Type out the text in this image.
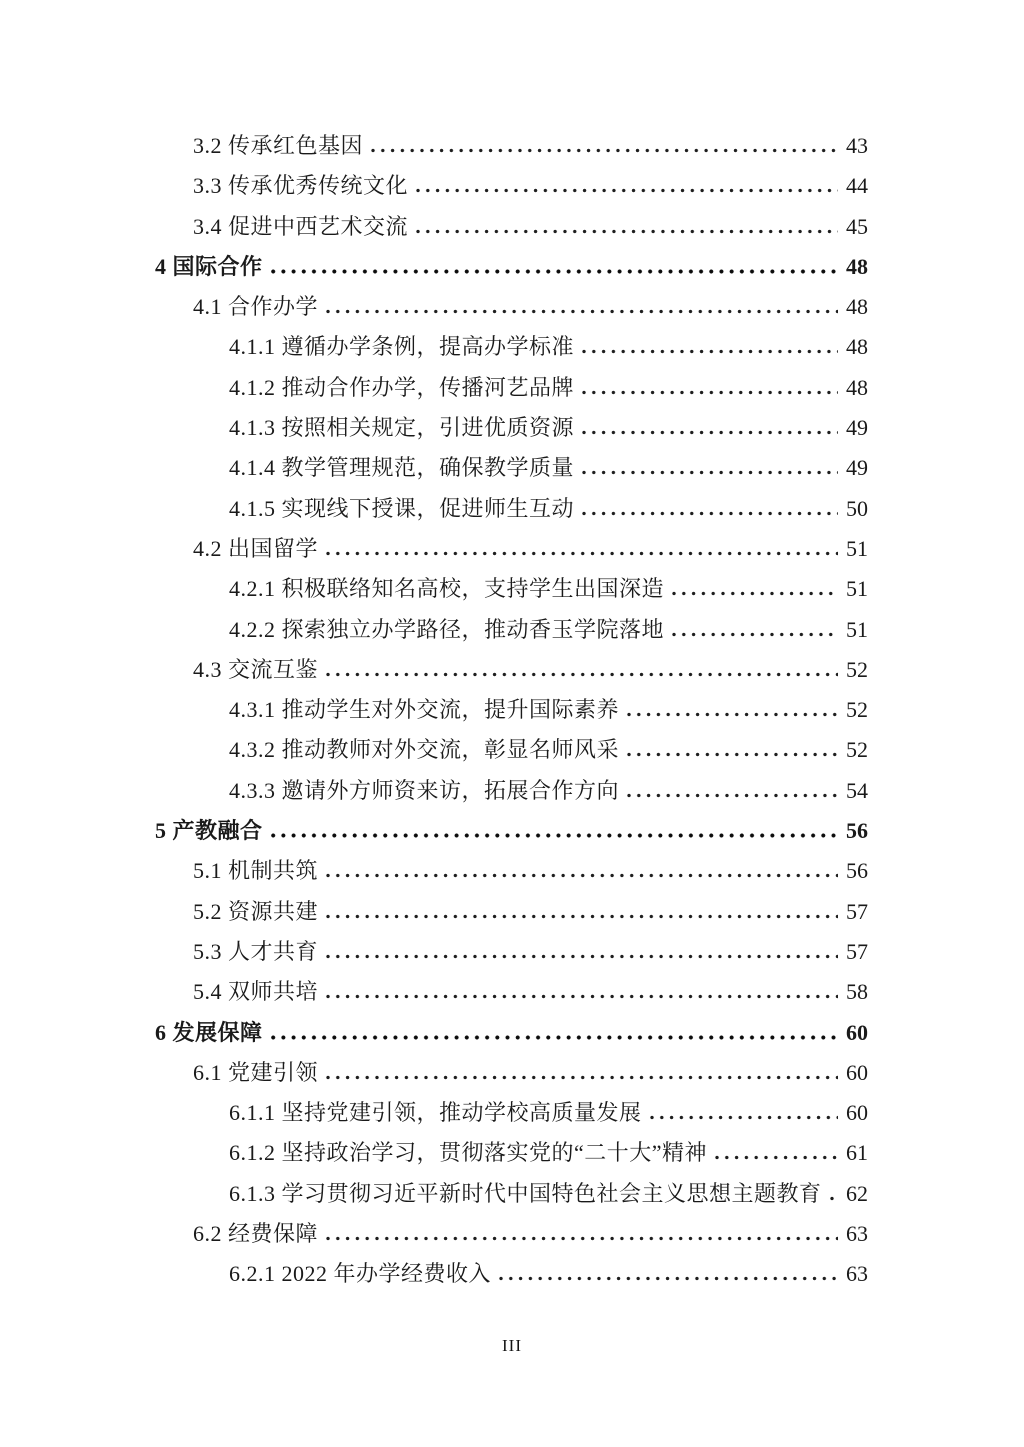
3.2 传承红色基因	43
3.3 传承优秀传统文化	44
3.4 促进中西艺术交流	45
4 国际合作	48
4.1 合作办学	48
4.1.1 遵循办学条例，提高办学标准	48
4.1.2 推动合作办学，传播河艺品牌	48
4.1.3 按照相关规定，引进优质资源	49
4.1.4 教学管理规范，确保教学质量	49
4.1.5 实现线下授课，促进师生互动	50
4.2 出国留学	51
4.2.1 积极联络知名高校，支持学生出国深造	51
4.2.2 探索独立办学路径，推动香玉学院落地	51
4.3 交流互鉴	52
4.3.1 推动学生对外交流，提升国际素养	52
4.3.2 推动教师对外交流，彰显名师风采	52
4.3.3 邀请外方师资来访，拓展合作方向	54
5 产教融合	56
5.1 机制共筑	56
5.2 资源共建	57
5.3 人才共育	57
5.4 双师共培	58
6 发展保障	60
6.1 党建引领	60
6.1.1 坚持党建引领，推动学校高质量发展	60
6.1.2 坚持政治学习，贯彻落实党的“二十大”精神	61
6.1.3 学习贯彻习近平新时代中国特色社会主义思想主题教育 62
6.2 经费保障	63
6.2.1 2022 年办学经费收入	63
III
